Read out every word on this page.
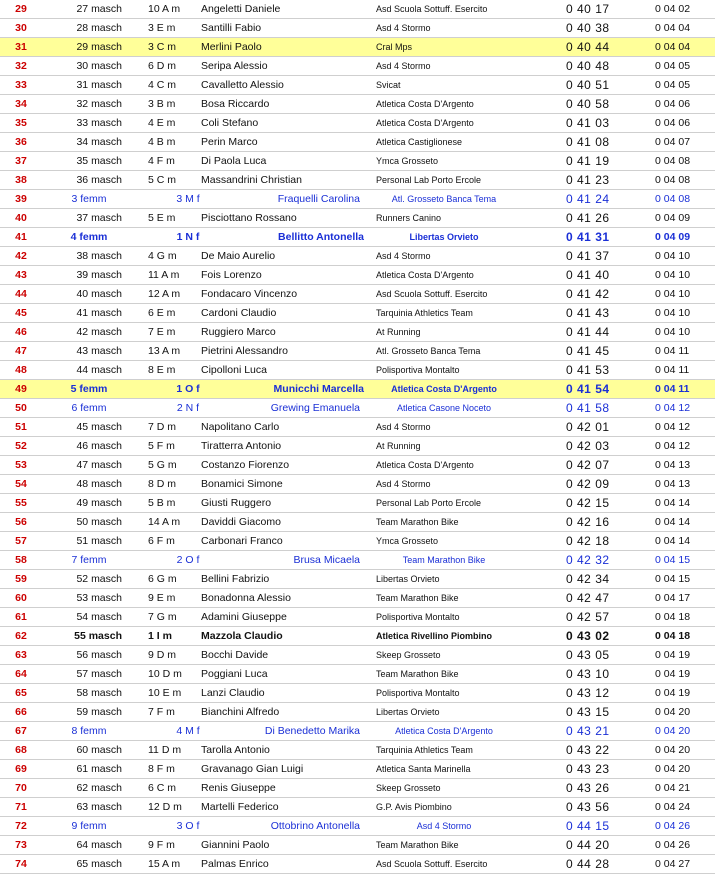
29	27 masch 10 A m	Angeletti Daniele	Asd Scuola Sottuff. Esercito	0 40 17	0 04 02
30	28 masch 3 E m	Santilli Fabio	Asd 4 Stormo	0 40 38	0 04 04
31	29 masch 3 C m	Merlini Paolo	Cral Mps	0 40 44	0 04 04
32	30 masch 6 D m	Seripa Alessio	Asd 4 Stormo	0 40 48	0 04 05
33	31 masch 4 C m	Cavalletto Alessio	Svicat	0 40 51	0 04 05
34	32 masch 3 B m	Bosa Riccardo	Atletica Costa D'Argento	0 40 58	0 04 06
35	33 masch 4 E m	Coli Stefano	Atletica Costa D'Argento	0 41 03	0 04 06
36	34 masch 4 B m	Perin Marco	Atletica Castiglionese	0 41 08	0 04 07
37	35 masch 4 F m	Di Paola Luca	Ymca Grosseto	0 41 19	0 04 08
38	36 masch 5 C m	Massandrini Christian	Personal Lab Porto Ercole	0 41 23	0 04 08
39	3 femm	3 M f	Fraquelli Carolina	Atl. Grosseto Banca Tema	0 41 24	0 04 08
40	37 masch 5 E m	Pisciottano Rossano	Runners Canino	0 41 26	0 04 09
41	4 femm	1 N f	Bellitto Antonella	Libertas Orvieto	0 41 31	0 04 09
42	38 masch 4 G m	De Maio Aurelio	Asd 4 Stormo	0 41 37	0 04 10
43	39 masch 11 A m	Fois Lorenzo	Atletica Costa D'Argento	0 41 40	0 04 10
44	40 masch 12 A m	Fondacaro Vincenzo	Asd Scuola Sottuff. Esercito	0 41 42	0 04 10
45	41 masch 6 E m	Cardoni Claudio	Tarquinia Athletics Team	0 41 43	0 04 10
46	42 masch 7 E m	Ruggiero Marco	At Running	0 41 44	0 04 10
47	43 masch 13 A m	Pietrini Alessandro	Atl. Grosseto Banca Tema	0 41 45	0 04 11
48	44 masch 8 E m	Cipolloni Luca	Polisportiva Montalto	0 41 53	0 04 11
49	5 femm	1 O f	Municchi Marcella	Atletica Costa D'Argento	0 41 54	0 04 11
50	6 femm	2 N f	Grewing Emanuela	Atletica Casone Noceto	0 41 58	0 04 12
51	45 masch 7 D m	Napolitano Carlo	Asd 4 Stormo	0 42 01	0 04 12
52	46 masch 5 F m	Tiratterra Antonio	At Running	0 42 03	0 04 12
53	47 masch 5 G m	Costanzo Fiorenzo	Atletica Costa D'Argento	0 42 07	0 04 13
54	48 masch 8 D m	Bonamici Simone	Asd 4 Stormo	0 42 09	0 04 13
55	49 masch 5 B m	Giusti Ruggero	Personal Lab Porto Ercole	0 42 15	0 04 14
56	50 masch 14 A m	Daviddi Giacomo	Team Marathon Bike	0 42 16	0 04 14
57	51 masch 6 F m	Carbonari Franco	Ymca Grosseto	0 42 18	0 04 14
58	7 femm	2 O f	Brusa Micaela	Team Marathon Bike	0 42 32	0 04 15
59	52 masch 6 G m	Bellini Fabrizio	Libertas Orvieto	0 42 34	0 04 15
60	53 masch 9 E m	Bonadonna Alessio	Team Marathon Bike	0 42 47	0 04 17
61	54 masch 7 G m	Adamini Giuseppe	Polisportiva Montalto	0 42 57	0 04 18
62	55 masch 1 I m	Mazzola Claudio	Atletica Rivellino Piombino	0 43 02	0 04 18
63	56 masch 9 D m	Bocchi Davide	Skeep Grosseto	0 43 05	0 04 19
64	57 masch 10 D m Poggiani Luca	Team Marathon Bike	0 43 10	0 04 19
65	58 masch 10 E m Lanzi Claudio	Polisportiva Montalto	0 43 12	0 04 19
66	59 masch 7 F m	Bianchini Alfredo	Libertas Orvieto	0 43 15	0 04 20
67	8 femm	4 M f	Di Benedetto Marika	Atletica Costa D'Argento	0 43 21	0 04 20
68	60 masch 11 D m Tarolla Antonio	Tarquinia Athletics Team	0 43 22	0 04 20
69	61 masch 8 F m	Gravanago Gian Luigi	Atletica Santa Marinella	0 43 23	0 04 20
70	62 masch 6 C m	Renis Giuseppe	Skeep Grosseto	0 43 26	0 04 21
71	63 masch 12 D m Martelli Federico	G.P. Avis Piombino	0 43 56	0 04 24
72	9 femm	3 O f	Ottobrino Antonella	Asd 4 Stormo	0 44 15	0 04 26
73	64 masch 9 F m	Giannini Paolo	Team Marathon Bike	0 44 20	0 04 26
74	65 masch 15 A m	Palmas Enrico	Asd Scuola Sottuff. Esercito	0 44 28	0 04 27
